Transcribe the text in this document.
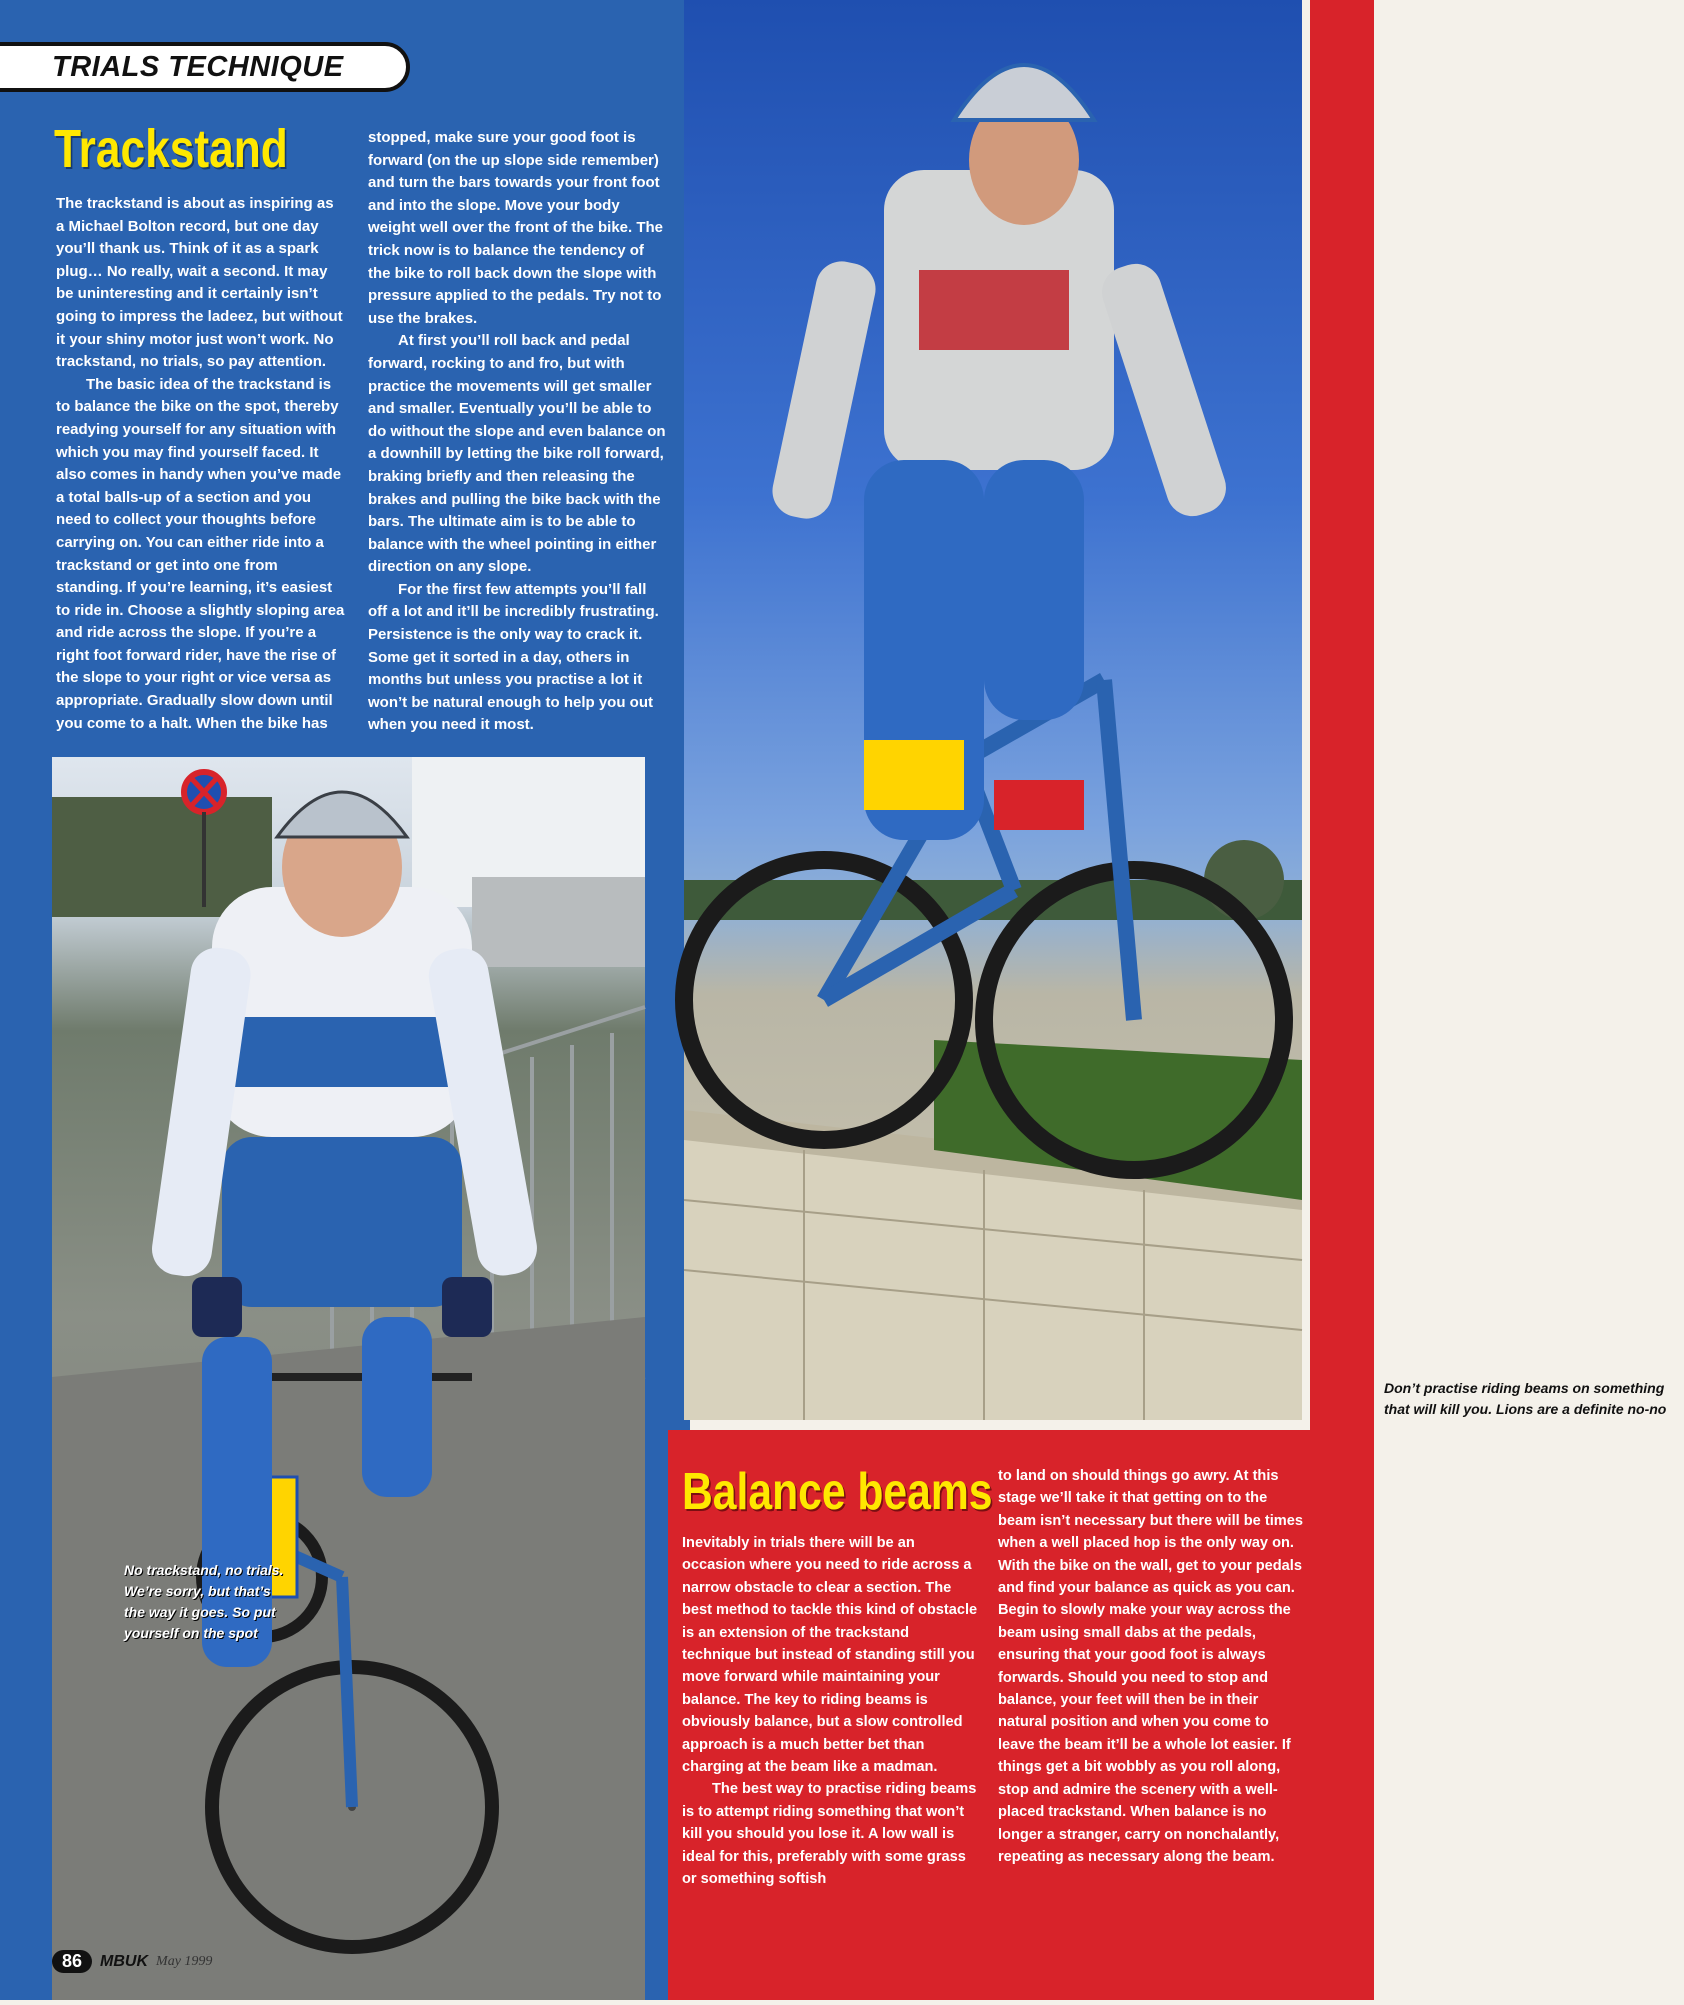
TRIALS TECHNIQUE
Trackstand

The trackstand is about as inspiring as a Michael Bolton record, but one day you’ll thank us. Think of it as a spark plug… No really, wait a second. It may be uninteresting and it certainly isn’t going to impress the ladeez, but without it your shiny motor just won’t work. No trackstand, no trials, so pay attention.

The basic idea of the trackstand is to balance the bike on the spot, thereby readying yourself for any situation with which you may find yourself faced. It also comes in handy when you’ve made a total balls-up of a section and you need to collect your thoughts before carrying on. You can either ride into a trackstand or get into one from standing. If you’re learning, it’s easiest to ride in. Choose a slightly sloping area and ride across the slope. If you’re a right foot forward rider, have the rise of the slope to your right or vice versa as appropriate. Gradually slow down until you come to a halt. When the bike has

stopped, make sure your good foot is forward (on the up slope side remember) and turn the bars towards your front foot and into the slope. Move your body weight well over the front of the bike. The trick now is to balance the tendency of the bike to roll back down the slope with pressure applied to the pedals. Try not to use the brakes.

At first you’ll roll back and pedal forward, rocking to and fro, but with practice the movements will get smaller and smaller. Eventually you’ll be able to do without the slope and even balance on a downhill by letting the bike roll forward, braking briefly and then releasing the brakes and pulling the bike back with the bars. The ultimate aim is to be able to balance with the wheel pointing in either direction on any slope.

For the first few attempts you’ll fall off a lot and it’ll be incredibly frustrating. Persistence is the only way to crack it. Some get it sorted in a day, others in months but unless you practise a lot it won’t be natural enough to help you out when you need it most.

No trackstand, no trials. We’re sorry, but that’s the way it goes. So put yourself on the spot
Don’t practise riding beams on something that will kill you. Lions are a definite no-no
Balance beams

Inevitably in trials there will be an occasion where you need to ride across a narrow obstacle to clear a section. The best method to tackle this kind of obstacle is an extension of the trackstand technique but instead of standing still you move forward while maintaining your balance. The key to riding beams is obviously balance, but a slow controlled approach is a much better bet than charging at the beam like a madman.

The best way to practise riding beams is to attempt riding something that won’t kill you should you lose it. A low wall is ideal for this, preferably with some grass or something softish

to land on should things go awry. At this stage we’ll take it that getting on to the beam isn’t necessary but there will be times when a well placed hop is the only way on. With the bike on the wall, get to your pedals and find your balance as quick as you can. Begin to slowly make your way across the beam using small dabs at the pedals, ensuring that your good foot is always forwards. Should you need to stop and balance, your feet will then be in their natural position and when you come to leave the beam it’ll be a whole lot easier. If things get a bit wobbly as you roll along, stop and admire the scenery with a well-placed trackstand. When balance is no longer a stranger, carry on nonchalantly, repeating as necessary along the beam.

86	MBUK May 1999
